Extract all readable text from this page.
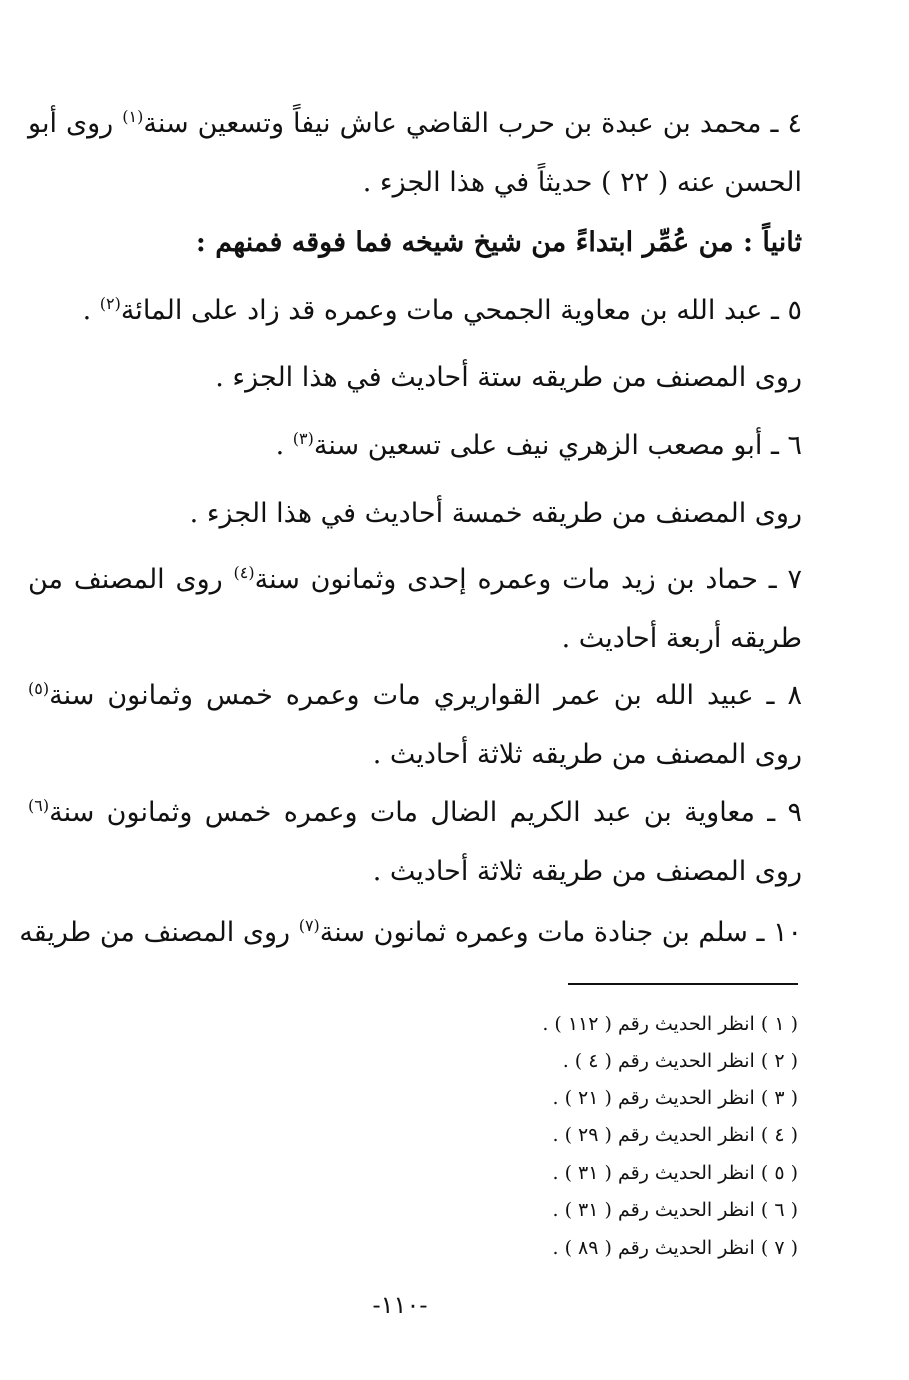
٤ ـ محمد بن عبدة بن حرب القاضي عاش نيفاً وتسعين سنة$^{(١)}$ روى أبو الحسن عنه ( ٢٢ ) حديثاً في هذا الجزء .
ثانياً : من عُمِّر ابتداءً من شيخ شيخه فما فوقه فمنهم :
٥ ـ عبد الله بن معاوية الجمحي مات وعمره قد زاد على المائة$^{(٢)}$ .
روى المصنف من طريقه ستة أحاديث في هذا الجزء .
٦ ـ أبو مصعب الزهري نيف على تسعين سنة$^{(٣)}$ .
روى المصنف من طريقه خمسة أحاديث في هذا الجزء .
٧ ـ حماد بن زيد مات وعمره إحدى وثمانون سنة$^{(٤)}$ روى المصنف من طريقه أربعة أحاديث .
٨ ـ عبيد الله بن عمر القواريري مات وعمره خمس وثمانون سنة$^{(٥)}$ روى المصنف من طريقه ثلاثة أحاديث .
٩ ـ معاوية بن عبد الكريم الضال مات وعمره خمس وثمانون سنة$^{(٦)}$ روى المصنف من طريقه ثلاثة أحاديث .
١٠ ـ سلم بن جنادة مات وعمره ثمانون سنة$^{(٧)}$ روى المصنف من طريقه
( ١ ) انظر الحديث رقم ( ١١٢ ) .
( ٢ ) انظر الحديث رقم ( ٤ ) .
( ٣ ) انظر الحديث رقم ( ٢١ ) .
( ٤ ) انظر الحديث رقم ( ٢٩ ) .
( ٥ ) انظر الحديث رقم ( ٣١ ) .
( ٦ ) انظر الحديث رقم ( ٣١ ) .
( ٧ ) انظر الحديث رقم ( ٨٩ ) .
-١١٠-
